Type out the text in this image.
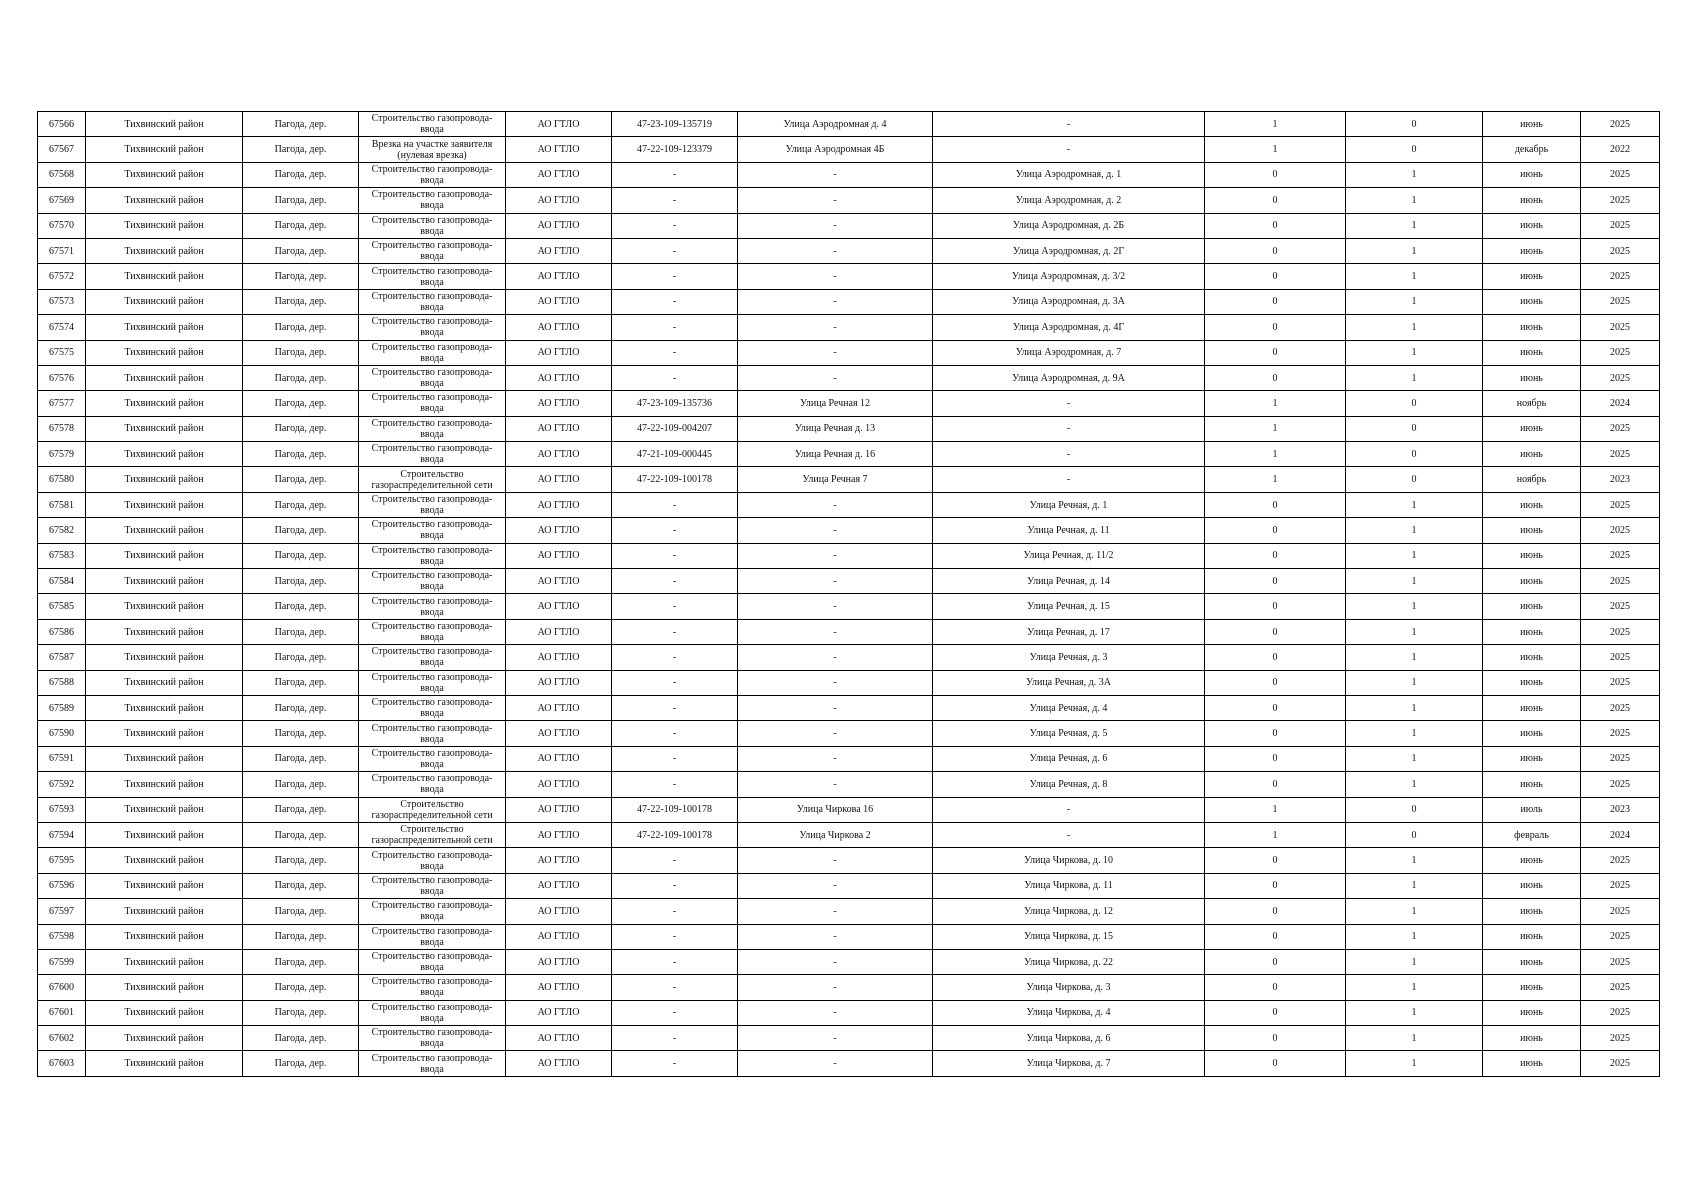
67566	Тихвинский район	Пагода, дер.	Строительство газопровода-ввода	АО ГТЛО	47-23-109-135719	Улица Аэродромная д. 4	-	1	0	июнь	2025
67567	Тихвинский район	Пагода, дер.	Врезка на участке заявителя (нулевая врезка)	АО ГТЛО	47-22-109-123379	Улица Аэродромная 4Б	-	1	0	декабрь	2022
67568	Тихвинский район	Пагода, дер.	Строительство газопровода-ввода	АО ГТЛО	-	-	Улица Аэродромная, д. 1	0	1	июнь	2025
67569	Тихвинский район	Пагода, дер.	Строительство газопровода-ввода	АО ГТЛО	-	-	Улица Аэродромная, д. 2	0	1	июнь	2025
67570	Тихвинский район	Пагода, дер.	Строительство газопровода-ввода	АО ГТЛО	-	-	Улица Аэродромная, д. 2Б	0	1	июнь	2025
67571	Тихвинский район	Пагода, дер.	Строительство газопровода-ввода	АО ГТЛО	-	-	Улица Аэродромная, д. 2Г	0	1	июнь	2025
67572	Тихвинский район	Пагода, дер.	Строительство газопровода-ввода	АО ГТЛО	-	-	Улица Аэродромная, д. 3/2	0	1	июнь	2025
67573	Тихвинский район	Пагода, дер.	Строительство газопровода-ввода	АО ГТЛО	-	-	Улица Аэродромная, д. 3А	0	1	июнь	2025
67574	Тихвинский район	Пагода, дер.	Строительство газопровода-ввода	АО ГТЛО	-	-	Улица Аэродромная, д. 4Г	0	1	июнь	2025
67575	Тихвинский район	Пагода, дер.	Строительство газопровода-ввода	АО ГТЛО	-	-	Улица Аэродромная, д. 7	0	1	июнь	2025
67576	Тихвинский район	Пагода, дер.	Строительство газопровода-ввода	АО ГТЛО	-	-	Улица Аэродромная, д. 9А	0	1	июнь	2025
67577	Тихвинский район	Пагода, дер.	Строительство газопровода-ввода	АО ГТЛО	47-23-109-135736	Улица Речная 12	-	1	0	ноябрь	2024
67578	Тихвинский район	Пагода, дер.	Строительство газопровода-ввода	АО ГТЛО	47-22-109-004207	Улица Речная д. 13	-	1	0	июнь	2025
67579	Тихвинский район	Пагода, дер.	Строительство газопровода-ввода	АО ГТЛО	47-21-109-000445	Улица Речная д. 16	-	1	0	июнь	2025
67580	Тихвинский район	Пагода, дер.	Строительство газораспределительной сети	АО ГТЛО	47-22-109-100178	Улица Речная 7	-	1	0	ноябрь	2023
67581	Тихвинский район	Пагода, дер.	Строительство газопровода-ввода	АО ГТЛО	-	-	Улица Речная, д. 1	0	1	июнь	2025
67582	Тихвинский район	Пагода, дер.	Строительство газопровода-ввода	АО ГТЛО	-	-	Улица Речная, д. 11	0	1	июнь	2025
67583	Тихвинский район	Пагода, дер.	Строительство газопровода-ввода	АО ГТЛО	-	-	Улица Речная, д. 11/2	0	1	июнь	2025
67584	Тихвинский район	Пагода, дер.	Строительство газопровода-ввода	АО ГТЛО	-	-	Улица Речная, д. 14	0	1	июнь	2025
67585	Тихвинский район	Пагода, дер.	Строительство газопровода-ввода	АО ГТЛО	-	-	Улица Речная, д. 15	0	1	июнь	2025
67586	Тихвинский район	Пагода, дер.	Строительство газопровода-ввода	АО ГТЛО	-	-	Улица Речная, д. 17	0	1	июнь	2025
67587	Тихвинский район	Пагода, дер.	Строительство газопровода-ввода	АО ГТЛО	-	-	Улица Речная, д. 3	0	1	июнь	2025
67588	Тихвинский район	Пагода, дер.	Строительство газопровода-ввода	АО ГТЛО	-	-	Улица Речная, д. 3А	0	1	июнь	2025
67589	Тихвинский район	Пагода, дер.	Строительство газопровода-ввода	АО ГТЛО	-	-	Улица Речная, д. 4	0	1	июнь	2025
67590	Тихвинский район	Пагода, дер.	Строительство газопровода-ввода	АО ГТЛО	-	-	Улица Речная, д. 5	0	1	июнь	2025
67591	Тихвинский район	Пагода, дер.	Строительство газопровода-ввода	АО ГТЛО	-	-	Улица Речная, д. 6	0	1	июнь	2025
67592	Тихвинский район	Пагода, дер.	Строительство газопровода-ввода	АО ГТЛО	-	-	Улица Речная, д. 8	0	1	июнь	2025
67593	Тихвинский район	Пагода, дер.	Строительство газораспределительной сети	АО ГТЛО	47-22-109-100178	Улица Чиркова 16	-	1	0	июль	2023
67594	Тихвинский район	Пагода, дер.	Строительство газораспределительной сети	АО ГТЛО	47-22-109-100178	Улица Чиркова 2	-	1	0	февраль	2024
67595	Тихвинский район	Пагода, дер.	Строительство газопровода-ввода	АО ГТЛО	-	-	Улица Чиркова, д. 10	0	1	июнь	2025
67596	Тихвинский район	Пагода, дер.	Строительство газопровода-ввода	АО ГТЛО	-	-	Улица Чиркова, д. 11	0	1	июнь	2025
67597	Тихвинский район	Пагода, дер.	Строительство газопровода-ввода	АО ГТЛО	-	-	Улица Чиркова, д. 12	0	1	июнь	2025
67598	Тихвинский район	Пагода, дер.	Строительство газопровода-ввода	АО ГТЛО	-	-	Улица Чиркова, д. 15	0	1	июнь	2025
67599	Тихвинский район	Пагода, дер.	Строительство газопровода-ввода	АО ГТЛО	-	-	Улица Чиркова, д. 22	0	1	июнь	2025
67600	Тихвинский район	Пагода, дер.	Строительство газопровода-ввода	АО ГТЛО	-	-	Улица Чиркова, д. 3	0	1	июнь	2025
67601	Тихвинский район	Пагода, дер.	Строительство газопровода-ввода	АО ГТЛО	-	-	Улица Чиркова, д. 4	0	1	июнь	2025
67602	Тихвинский район	Пагода, дер.	Строительство газопровода-ввода	АО ГТЛО	-	-	Улица Чиркова, д. 6	0	1	июнь	2025
67603	Тихвинский район	Пагода, дер.	Строительство газопровода-ввода	АО ГТЛО	-	-	Улица Чиркова, д. 7	0	1	июнь	2025
